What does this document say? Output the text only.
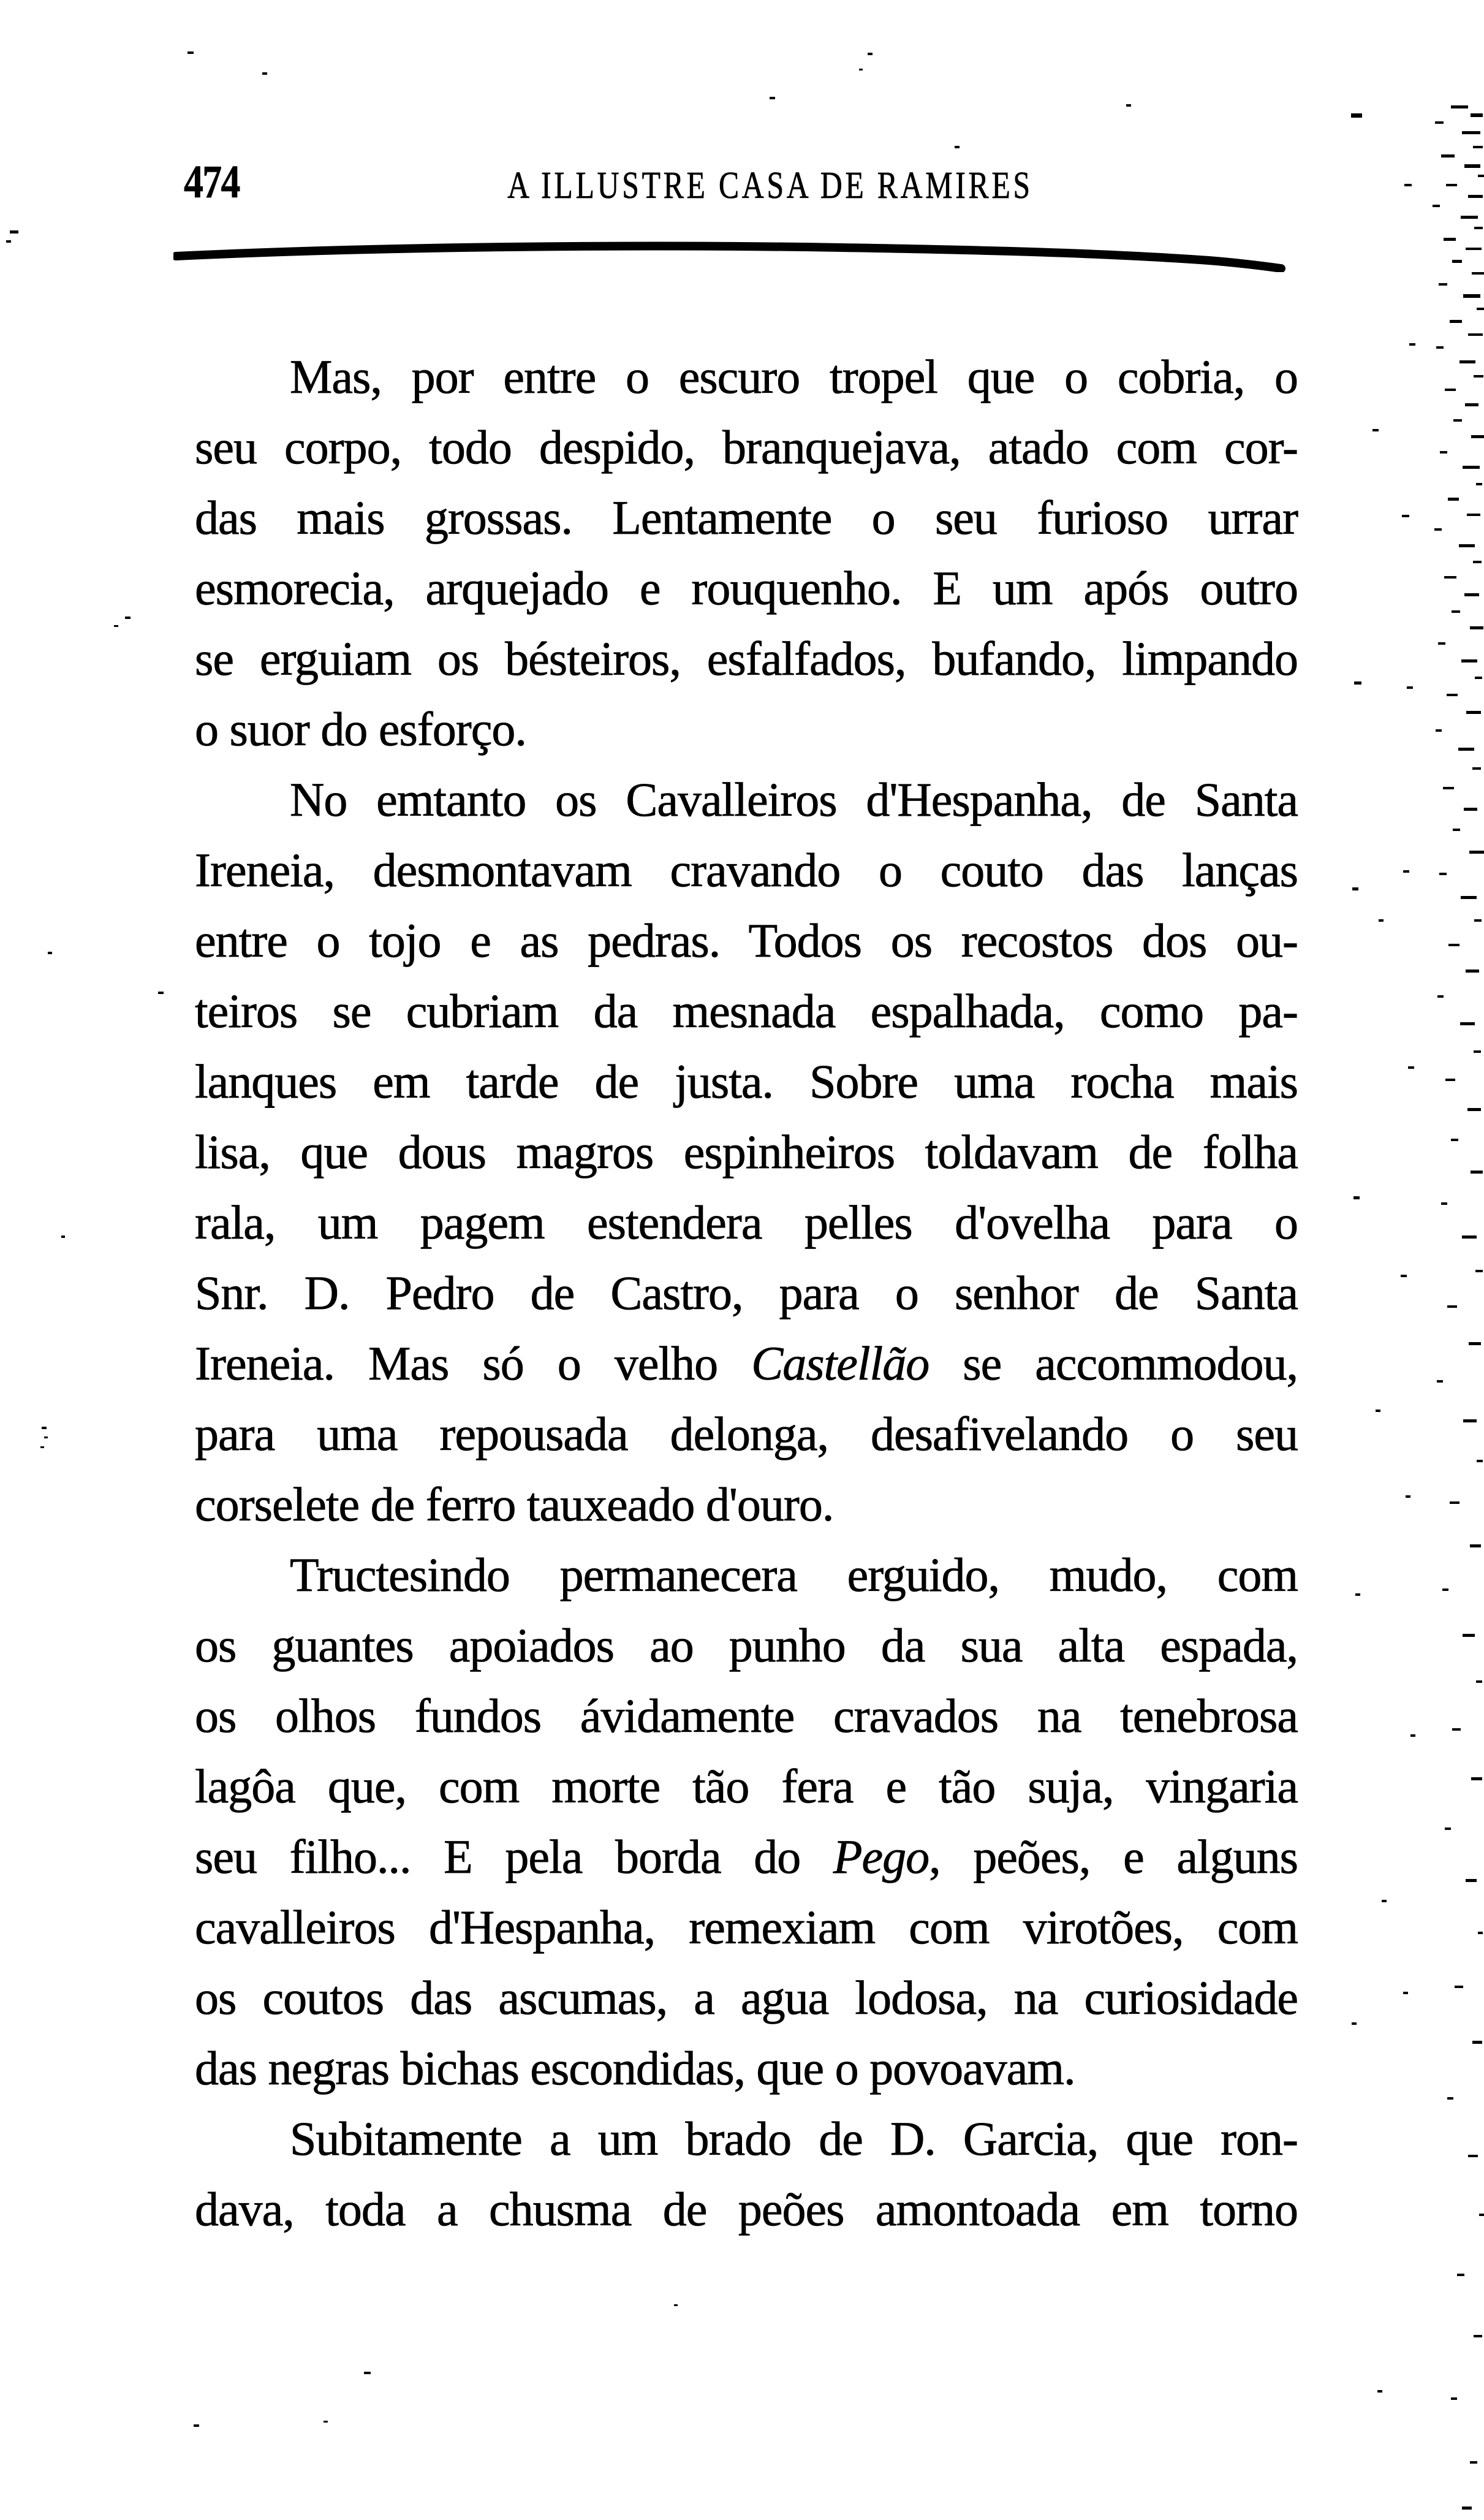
474	A ILLUSTRE CASA DE RAMIRES
Mas, por entre o escuro tropel que o cobria, o
seu corpo, todo despido, branquejava, atado com cor-
das mais grossas. Lentamente o seu furioso urrar
esmorecia, arquejado e rouquenho. E um após outro
se erguiam os bésteiros, esfalfados, bufando, limpando
o suor do esforço.
No emtanto os Cavalleiros d'Hespanha, de Santa
Ireneia, desmontavam cravando o couto das lanças
entre o tojo e as pedras. Todos os recostos dos ou-
teiros se cubriam da mesnada espalhada, como pa-
lanques em tarde de justa. Sobre uma rocha mais
lisa, que dous magros espinheiros toldavam de folha
rala, um pagem estendera pelles d'ovelha para o
Snr. D. Pedro de Castro, para o senhor de Santa
Ireneia. Mas só o velho Castellão se accommodou,
para uma repousada delonga, desafivelando o seu
corselete de ferro tauxeado d'ouro.
Tructesindo permanecera erguido, mudo, com
os guantes apoiados ao punho da sua alta espada,
os olhos fundos ávidamente cravados na tenebrosa
lagôa que, com morte tão fera e tão suja, vingaria
seu filho... E pela borda do Pego, peões, e alguns
cavalleiros d'Hespanha, remexiam com virotões, com
os coutos das ascumas, a agua lodosa, na curiosidade
das negras bichas escondidas, que o povoavam.
Subitamente a um brado de D. Garcia, que ron-
dava, toda a chusma de peões amontoada em torno
